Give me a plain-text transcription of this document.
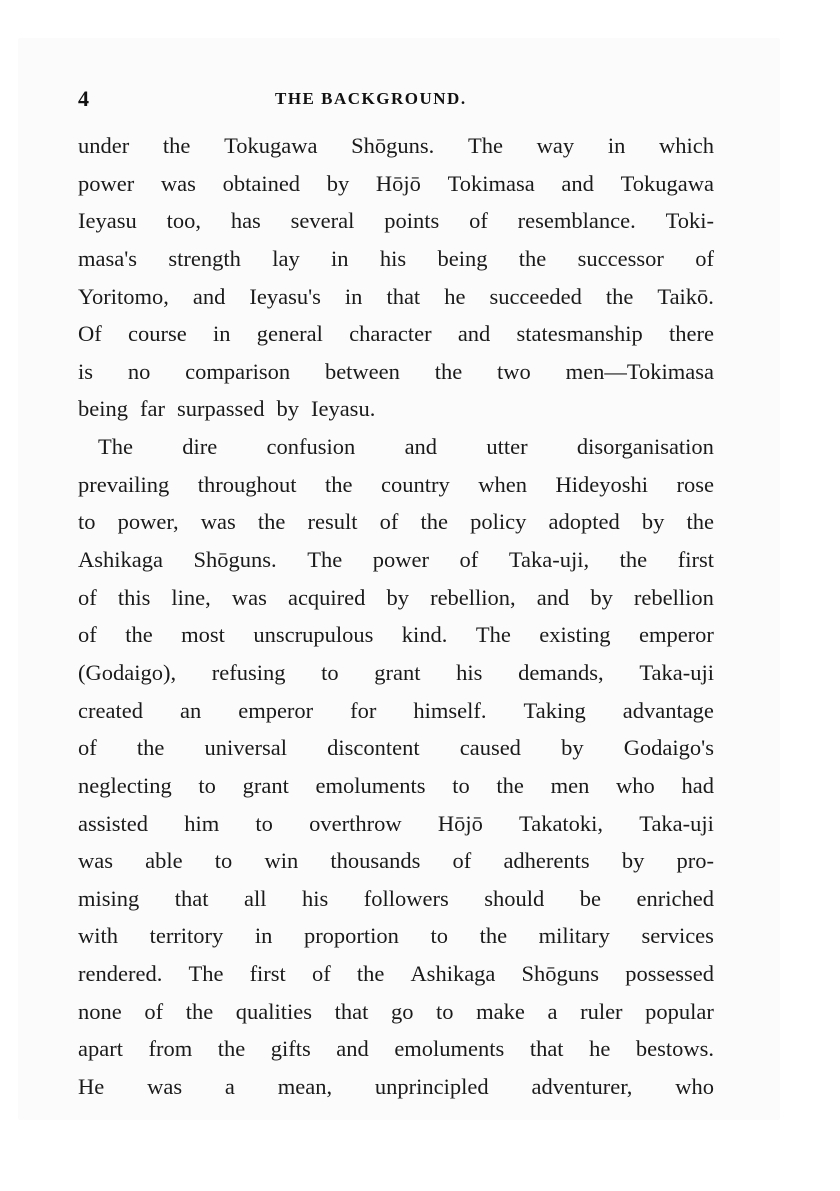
4	THE BACKGROUND.
under the Tokugawa Shōguns. The way in which
power was obtained by Hōjō Tokimasa and Tokugawa
Ieyasu too, has several points of resemblance. Toki-
masa's strength lay in his being the successor of
Yoritomo, and Ieyasu's in that he succeeded the Taikō.
Of course in general character and statesmanship there
is no comparison between the two men—Tokimasa
being far surpassed by Ieyasu.
The dire confusion and utter disorganisation
prevailing throughout the country when Hideyoshi rose
to power, was the result of the policy adopted by the
Ashikaga Shōguns. The power of Taka-uji, the first
of this line, was acquired by rebellion, and by rebellion
of the most unscrupulous kind. The existing emperor
(Godaigo), refusing to grant his demands, Taka-uji
created an emperor for himself. Taking advantage
of the universal discontent caused by Godaigo's
neglecting to grant emoluments to the men who had
assisted him to overthrow Hōjō Takatoki, Taka-uji
was able to win thousands of adherents by pro-
mising that all his followers should be enriched
with territory in proportion to the military services
rendered. The first of the Ashikaga Shōguns possessed
none of the qualities that go to make a ruler popular
apart from the gifts and emoluments that he bestows.
He was a mean, unprincipled adventurer, who
